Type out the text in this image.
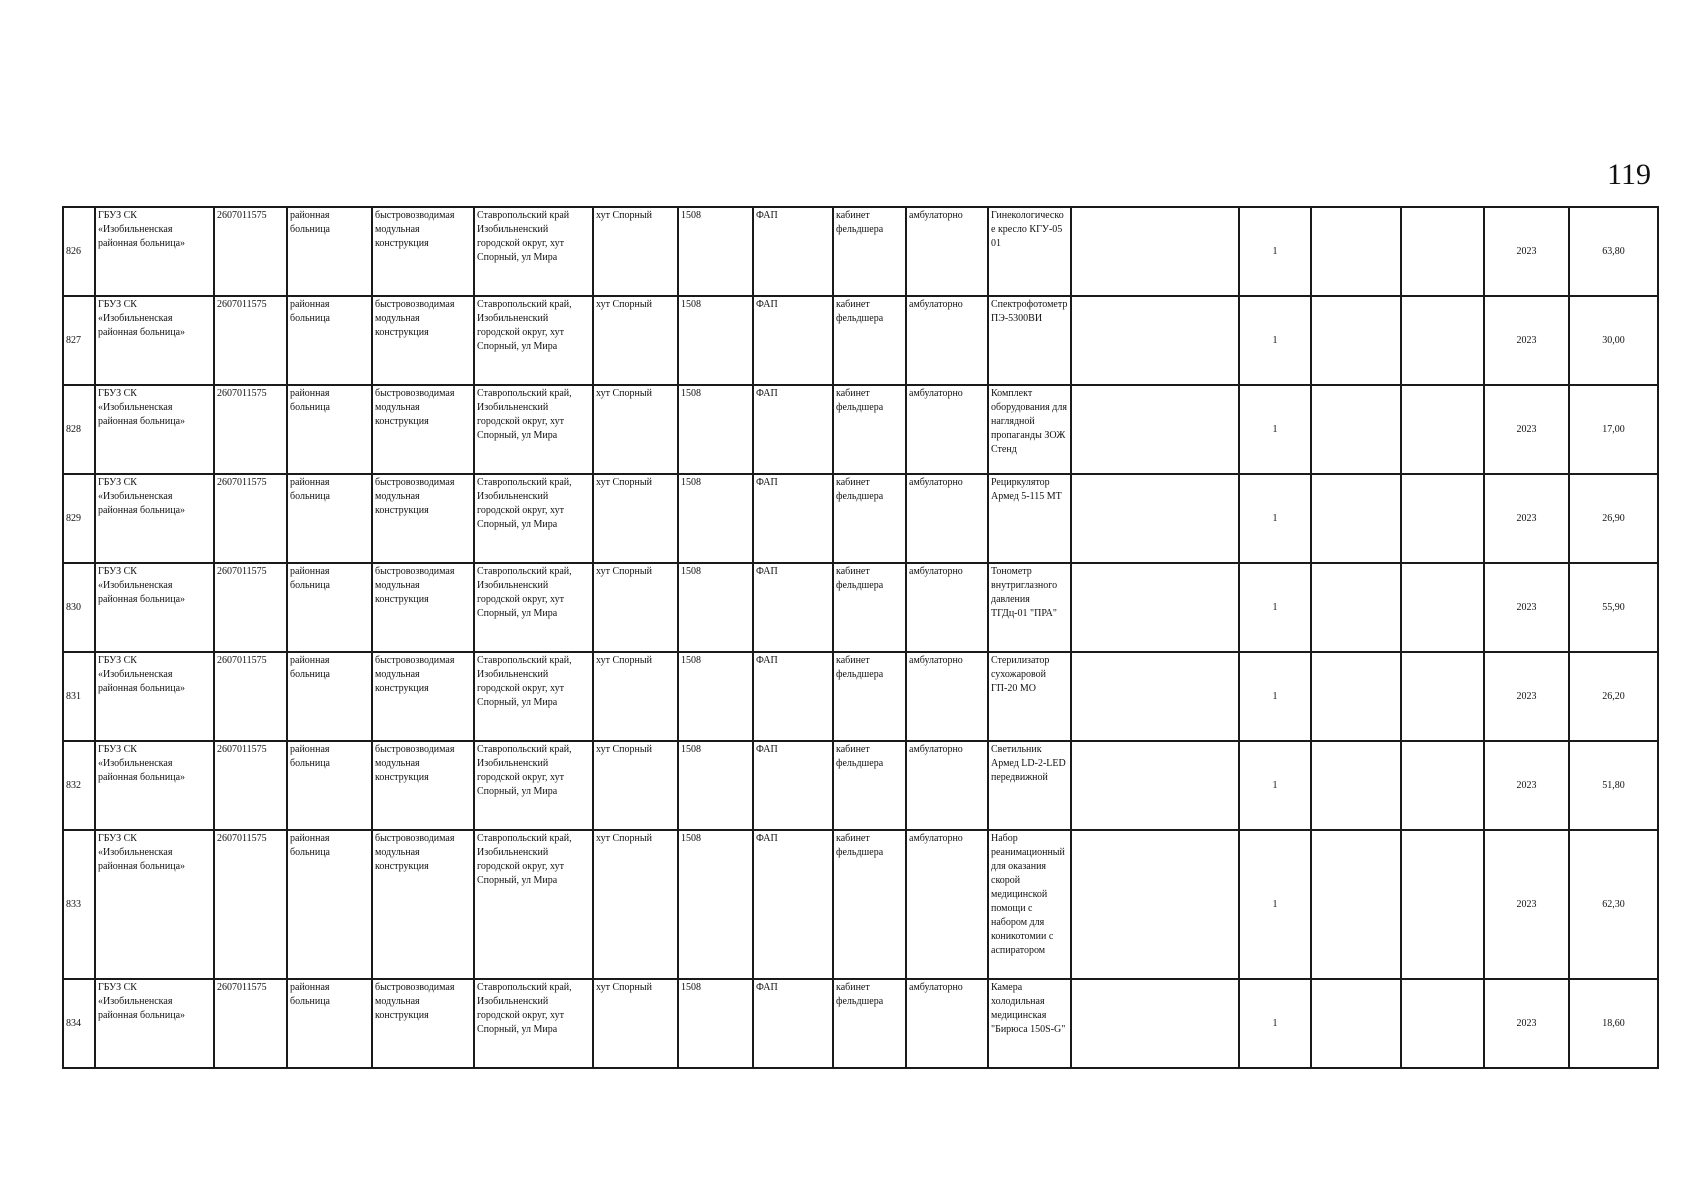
119
826	ГБУЗ СК «Изобильненская районная больница»	2607011575	районная больница	быстровозводимая модульная конструкция	Ставропольский край Изобильненский городской округ, хут Спорный, ул Мира	хут Спорный	1508	ФАП	кабинет фельдшера	амбулаторно	Гинекологическое кресло КГУ-05 01		1			2023	63,80
827	ГБУЗ СК «Изобильненская районная больница»	2607011575	районная больница	быстровозводимая модульная конструкция	Ставропольский край, Изобильненский городской округ, хут Спорный, ул Мира	хут Спорный	1508	ФАП	кабинет фельдшера	амбулаторно	Спектрофотометр ПЭ-5300ВИ		1			2023	30,00
828	ГБУЗ СК «Изобильненская районная больница»	2607011575	районная больница	быстровозводимая модульная конструкция	Ставропольский край, Изобильненский городской округ, хут Спорный, ул Мира	хут Спорный	1508	ФАП	кабинет фельдшера	амбулаторно	Комплект оборудования для наглядной пропаганды ЗОЖ Стенд		1			2023	17,00
829	ГБУЗ СК «Изобильненская районная больница»	2607011575	районная больница	быстровозводимая модульная конструкция	Ставропольский край, Изобильненский городской округ, хут Спорный, ул Мира	хут Спорный	1508	ФАП	кабинет фельдшера	амбулаторно	Рециркулятор Армед 5-115 МТ		1			2023	26,90
830	ГБУЗ СК «Изобильненская районная больница»	2607011575	районная больница	быстровозводимая модульная конструкция	Ставропольский край, Изобильненский городской округ, хут Спорный, ул Мира	хут Спорный	1508	ФАП	кабинет фельдшера	амбулаторно	Тонометр внутриглазного давления ТГДц-01 "ПРА"		1			2023	55,90
831	ГБУЗ СК «Изобильненская районная больница»	2607011575	районная больница	быстровозводимая модульная конструкция	Ставропольский край, Изобильненский городской округ, хут Спорный, ул Мира	хут Спорный	1508	ФАП	кабинет фельдшера	амбулаторно	Стерилизатор сухожаровой ГП-20 МО		1			2023	26,20
832	ГБУЗ СК «Изобильненская районная больница»	2607011575	районная больница	быстровозводимая модульная конструкция	Ставропольский край, Изобильненский городской округ, хут Спорный, ул Мира	хут Спорный	1508	ФАП	кабинет фельдшера	амбулаторно	Светильник Армед LD-2-LED передвижной		1			2023	51,80
833	ГБУЗ СК «Изобильненская районная больница»	2607011575	районная больница	быстровозводимая модульная конструкция	Ставропольский край, Изобильненский городской округ, хут Спорный, ул Мира	хут Спорный	1508	ФАП	кабинет фельдшера	амбулаторно	Набор реанимационный для оказания скорой медицинской помощи с набором для коникотомии с аспиратором		1			2023	62,30
834	ГБУЗ СК «Изобильненская районная больница»	2607011575	районная больница	быстровозводимая модульная конструкция	Ставропольский край, Изобильненский городской округ, хут Спорный, ул Мира	хут Спорный	1508	ФАП	кабинет фельдшера	амбулаторно	Камера холодильная медицинская "Бирюса 150S-G"		1			2023	18,60
